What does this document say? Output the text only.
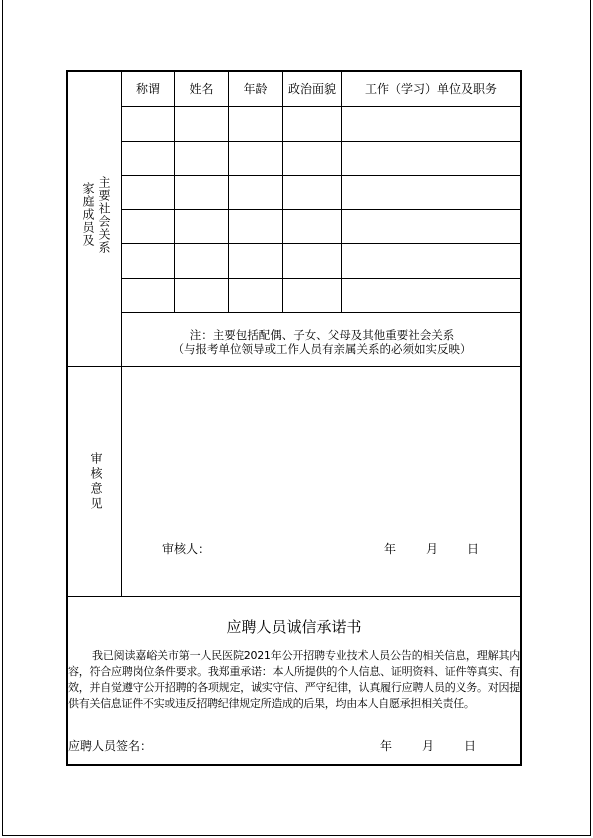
主要社会关系
家庭成员及
称谓	姓名	年龄	政治面貌	工作（学习）单位及职务
注：主要包括配偶、子女、父母及其他重要社会关系
（与报考单位领导或工作人员有亲属关系的必须如实反映）
审核意见
审核人：	年 月 日
应聘人员诚信承诺书

我已阅读嘉峪关市第一人民医院2021年公开招聘专业技术人员公告的相关信息，理解其内容，符合应聘岗位条件要求。我郑重承诺：本人所提供的个人信息、证明资料、证件等真实、有效，并自觉遵守公开招聘的各项规定，诚实守信、严守纪律，认真履行应聘人员的义务。对因提供有关信息证件不实或违反招聘纪律规定所造成的后果，均由本人自愿承担相关责任。

应聘人员签名：	年 月 日
